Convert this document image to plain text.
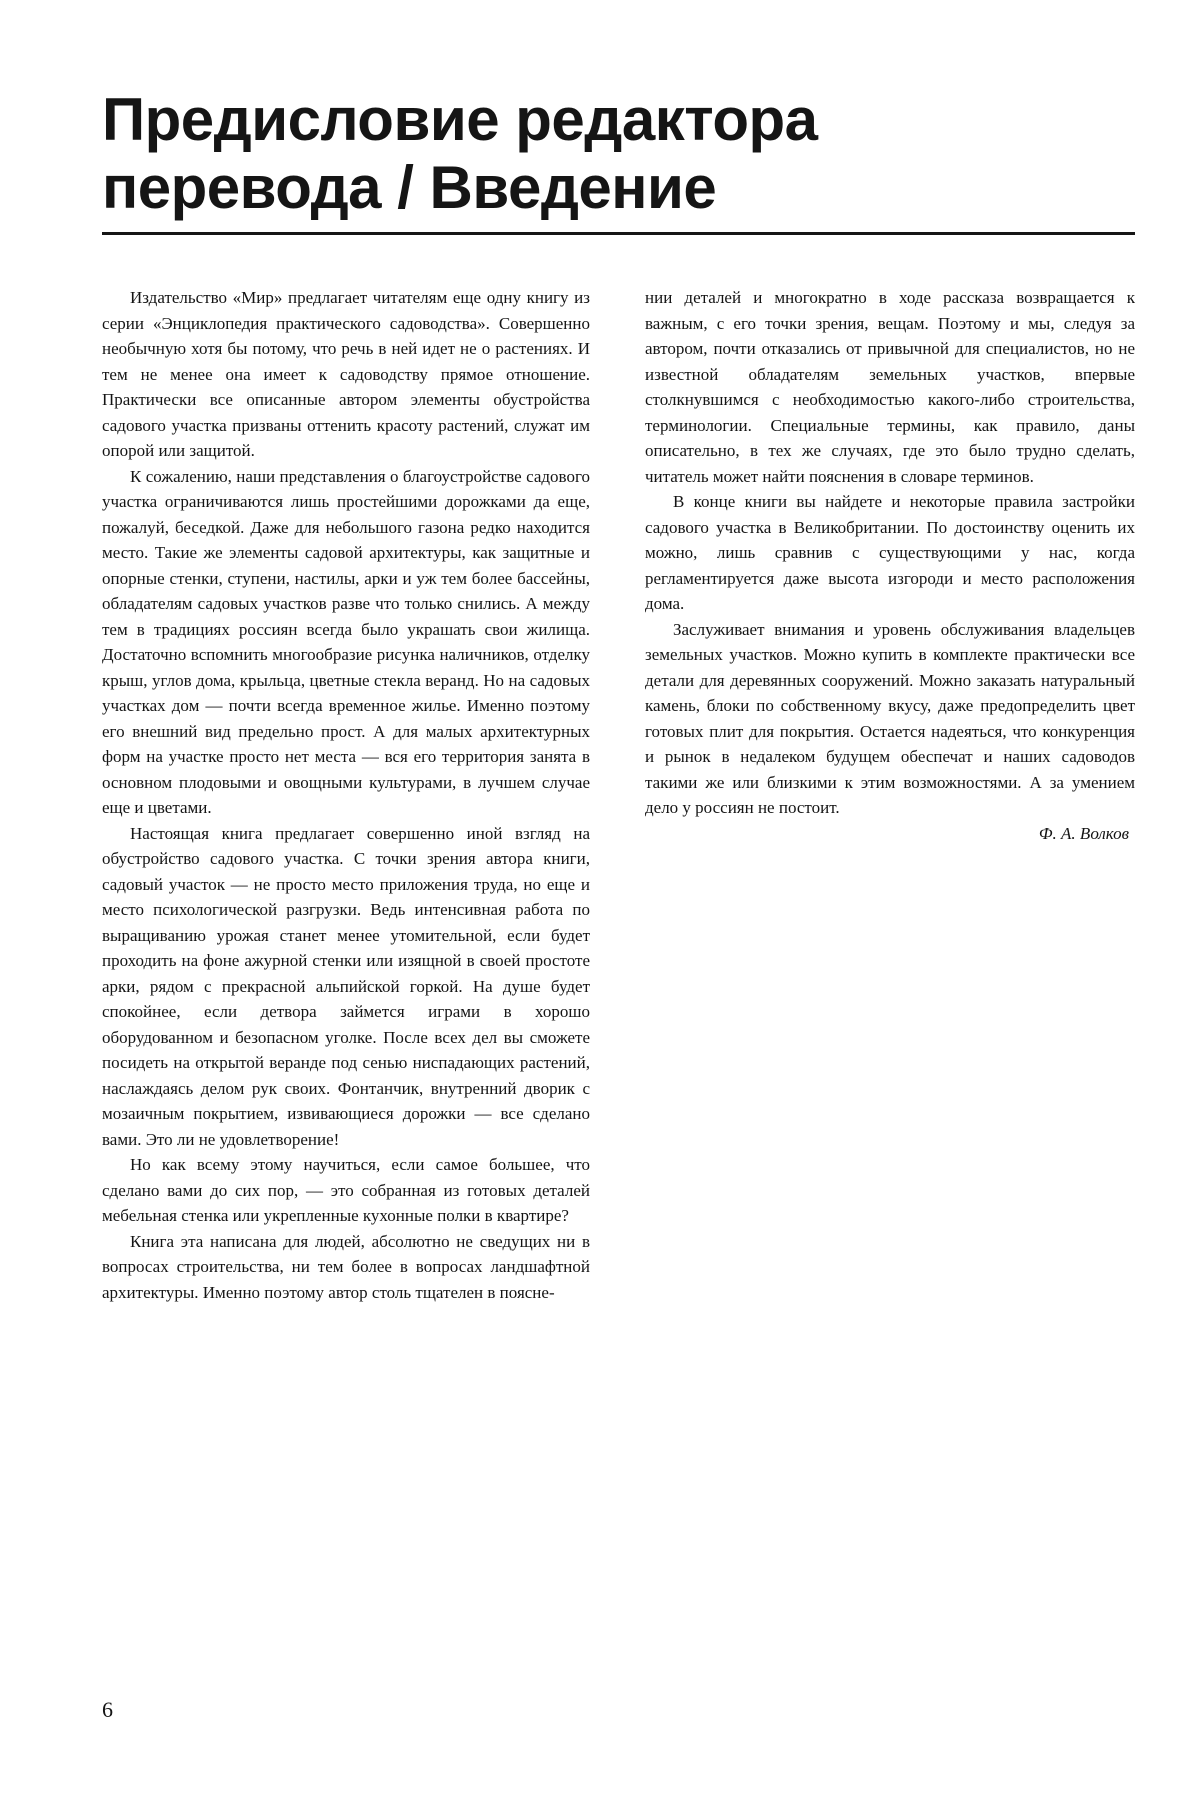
Предисловие редактора
перевода / Введение

Издательство «Мир» предлагает читателям еще одну книгу из серии «Энциклопедия практического садоводства». Совершенно необычную хотя бы потому, что речь в ней идет не о растениях. И тем не менее она имеет к садоводству прямое отношение. Практически все описанные автором элементы обустройства садового участка призваны оттенить красоту растений, служат им опорой или защитой.

К сожалению, наши представления о благоустройстве садового участка ограничиваются лишь простейшими дорожками да еще, пожалуй, беседкой. Даже для небольшого газона редко находится место. Такие же элементы садовой архитектуры, как защитные и опорные стенки, ступени, настилы, арки и уж тем более бассейны, обладателям садовых участков разве что только снились. А между тем в традициях россиян всегда было украшать свои жилища. Достаточно вспомнить многообразие рисунка наличников, отделку крыш, углов дома, крыльца, цветные стекла веранд. Но на садовых участках дом — почти всегда временное жилье. Именно поэтому его внешний вид предельно прост. А для малых архитектурных форм на участке просто нет места — вся его территория занята в основном плодовыми и овощными культурами, в лучшем случае еще и цветами.

Настоящая книга предлагает совершенно иной взгляд на обустройство садового участка. С точки зрения автора книги, садовый участок — не просто место приложения труда, но еще и место психологической разгрузки. Ведь интенсивная работа по выращиванию урожая станет менее утомительной, если будет проходить на фоне ажурной стенки или изящной в своей простоте арки, рядом с прекрасной альпийской горкой. На душе будет спокойнее, если детвора займется играми в хорошо оборудованном и безопасном уголке. После всех дел вы сможете посидеть на открытой веранде под сенью ниспадающих растений, наслаждаясь делом рук своих. Фонтанчик, внутренний дворик с мозаичным покрытием, извивающиеся дорожки — все сделано вами. Это ли не удовлетворение!

Но как всему этому научиться, если самое большее, что сделано вами до сих пор, — это собранная из готовых деталей мебельная стенка или укрепленные кухонные полки в квартире?

Книга эта написана для людей, абсолютно не сведущих ни в вопросах строительства, ни тем более в вопросах ландшафтной архитектуры. Именно поэтому автор столь тщателен в поясне-

нии деталей и многократно в ходе рассказа возвращается к важным, с его точки зрения, вещам. Поэтому и мы, следуя за автором, почти отказались от привычной для специалистов, но не известной обладателям земельных участков, впервые столкнувшимся с необходимостью какого-либо строительства, терминологии. Специальные термины, как правило, даны описательно, в тех же случаях, где это было трудно сделать, читатель может найти пояснения в словаре терминов.

В конце книги вы найдете и некоторые правила застройки садового участка в Великобритании. По достоинству оценить их можно, лишь сравнив с существующими у нас, когда регламентируется даже высота изгороди и место расположения дома.

Заслуживает внимания и уровень обслуживания владельцев земельных участков. Можно купить в комплекте практически все детали для деревянных сооружений. Можно заказать натуральный камень, блоки по собственному вкусу, даже предопределить цвет готовых плит для покрытия. Остается надеяться, что конкуренция и рынок в недалеком будущем обеспечат и наших садоводов такими же или близкими к этим возможностями. А за умением дело у россиян не постоит.

Ф. А. Волков

6
